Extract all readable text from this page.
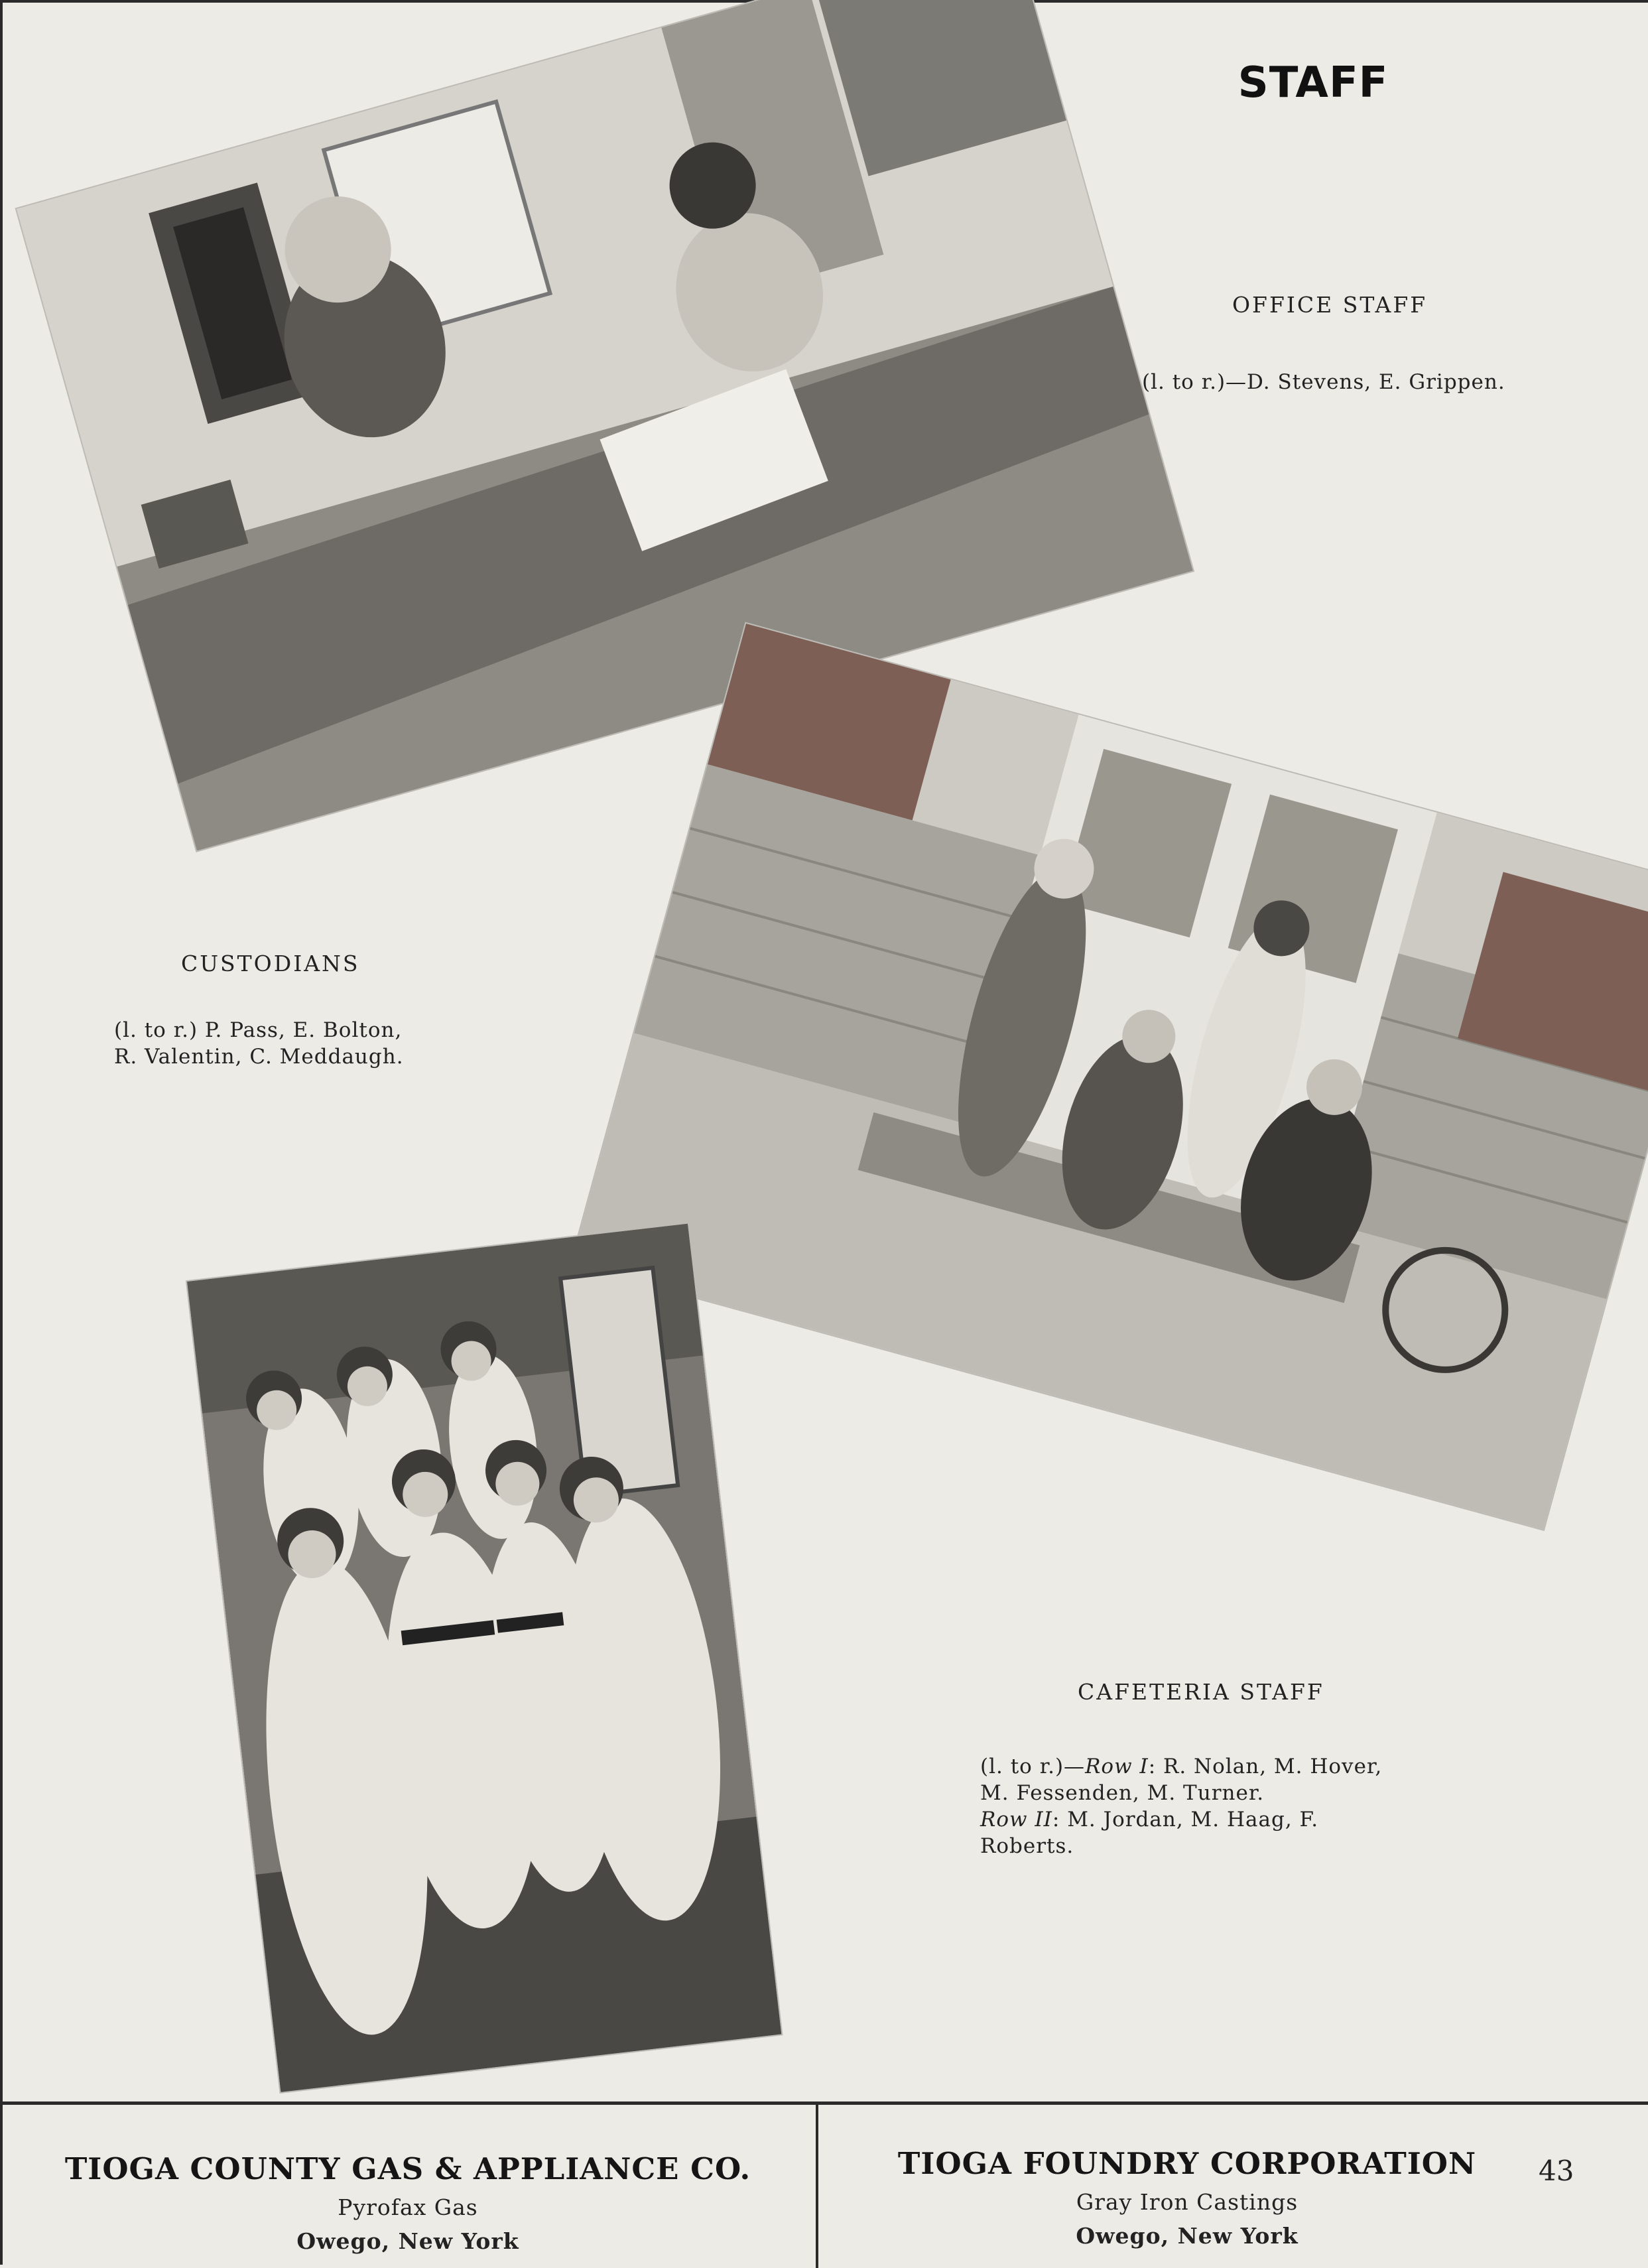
STAFF
OFFICE STAFF
(l. to r.)—D. Stevens, E. Grippen.
CUSTODIANS
(l. to r.) P. Pass, E. Bolton,
R. Valentin, C. Meddaugh.
CAFETERIA STAFF
(l. to r.)—Row I: R. Nolan, M. Hover,
M. Fessenden, M. Turner.
Row II: M. Jordan, M. Haag, F.
Roberts.
TIOGA COUNTY GAS & APPLIANCE CO.
Pyrofax Gas
Owego, New York
TIOGA FOUNDRY CORPORATION
Gray Iron Castings
Owego, New York
43
